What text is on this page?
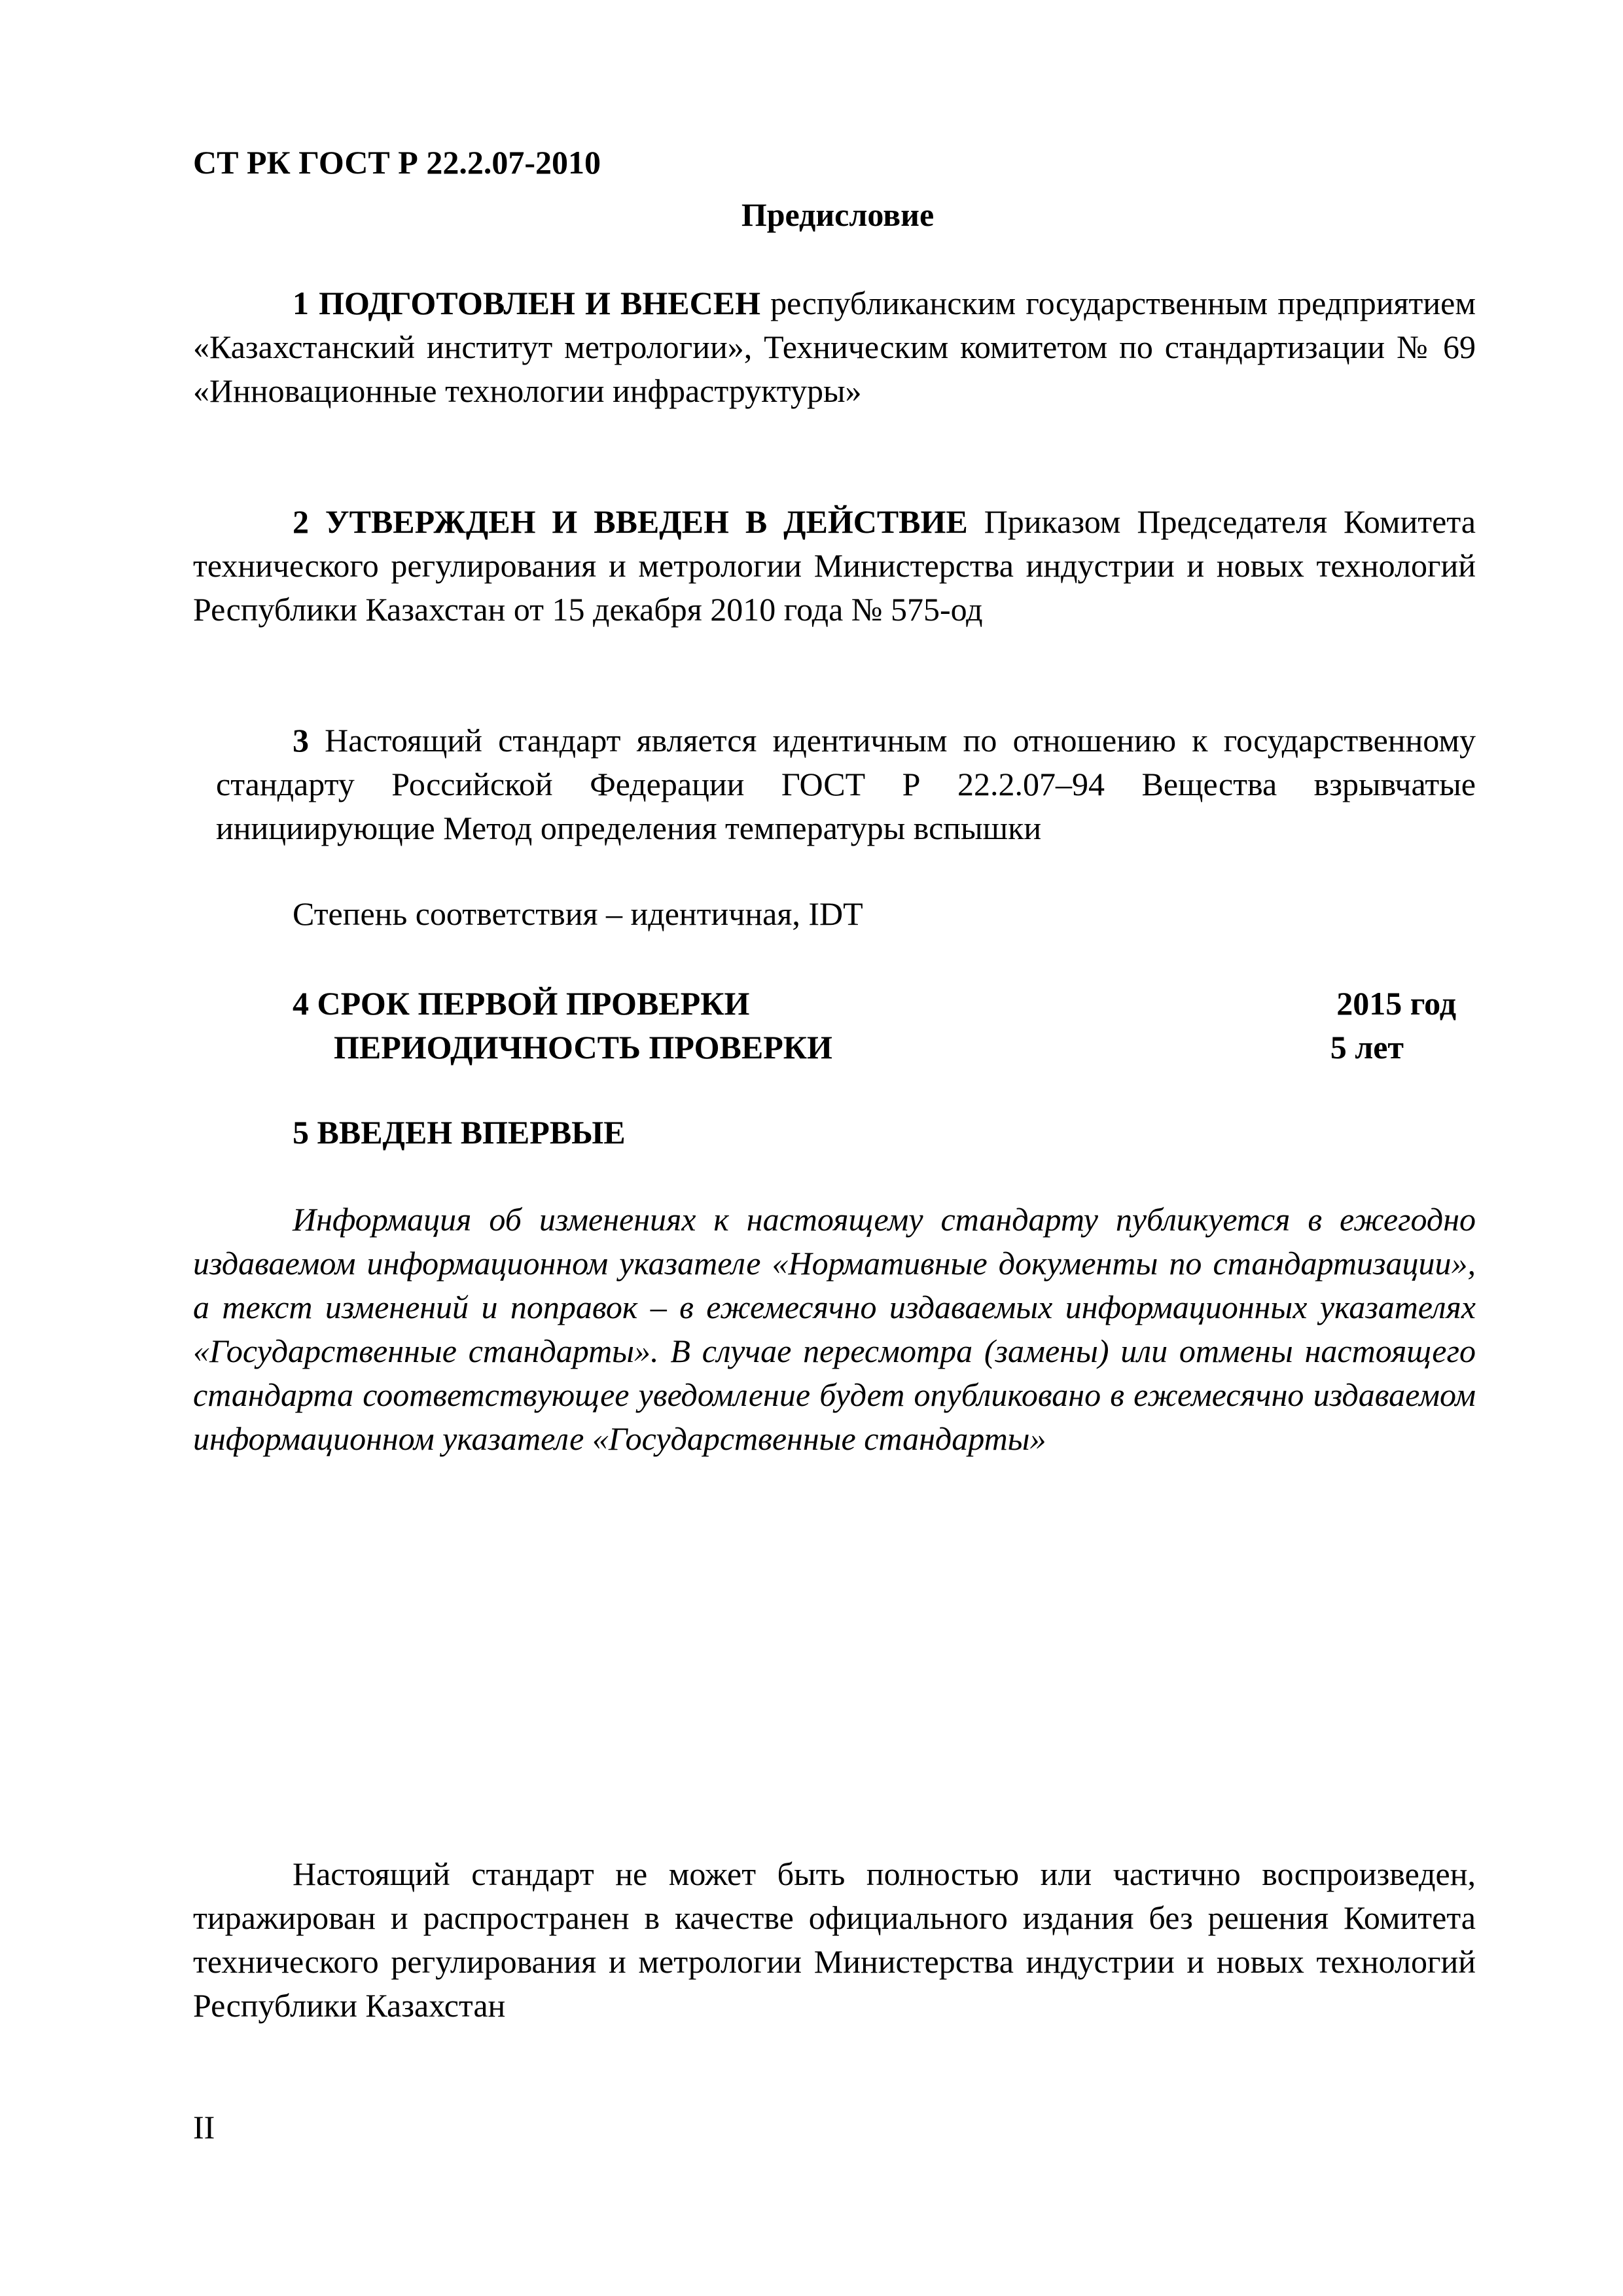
СТ РК ГОСТ Р 22.2.07-2010
Предисловие
1 ПОДГОТОВЛЕН И ВНЕСЕН республиканским государственным предприятием «Казахстанский институт метрологии», Техническим комитетом по стандартизации № 69 «Инновационные технологии инфраструктуры»
2 УТВЕРЖДЕН И ВВЕДЕН В ДЕЙСТВИЕ Приказом Председателя Комитета технического регулирования и метрологии Министерства индустрии и новых технологий Республики Казахстан от 15 декабря 2010 года № 575-од
3 Настоящий стандарт является идентичным по отношению к государственному стандарту Российской Федерации ГОСТ Р 22.2.07–94 Вещества взрывчатые инициирующие Метод определения температуры вспышки
Степень соответствия – идентичная, IDT
4 СРОК ПЕРВОЙ ПРОВЕРКИ	2015 год
ПЕРИОДИЧНОСТЬ ПРОВЕРКИ	5 лет
5 ВВЕДЕН ВПЕРВЫЕ
Информация об изменениях к настоящему стандарту публикуется в ежегодно издаваемом информационном указателе «Нормативные документы по стандартизации», а текст изменений и поправок – в ежемесячно издаваемых информационных указателях «Государственные стандарты». В случае пересмотра (замены) или отмены настоящего стандарта соответствующее уведомление будет опубликовано в ежемесячно издаваемом информационном указателе «Государственные стандарты»
Настоящий стандарт не может быть полностью или частично воспроизведен, тиражирован и распространен в качестве официального издания без решения Комитета технического регулирования и метрологии Министерства индустрии и новых технологий Республики Казахстан
II
